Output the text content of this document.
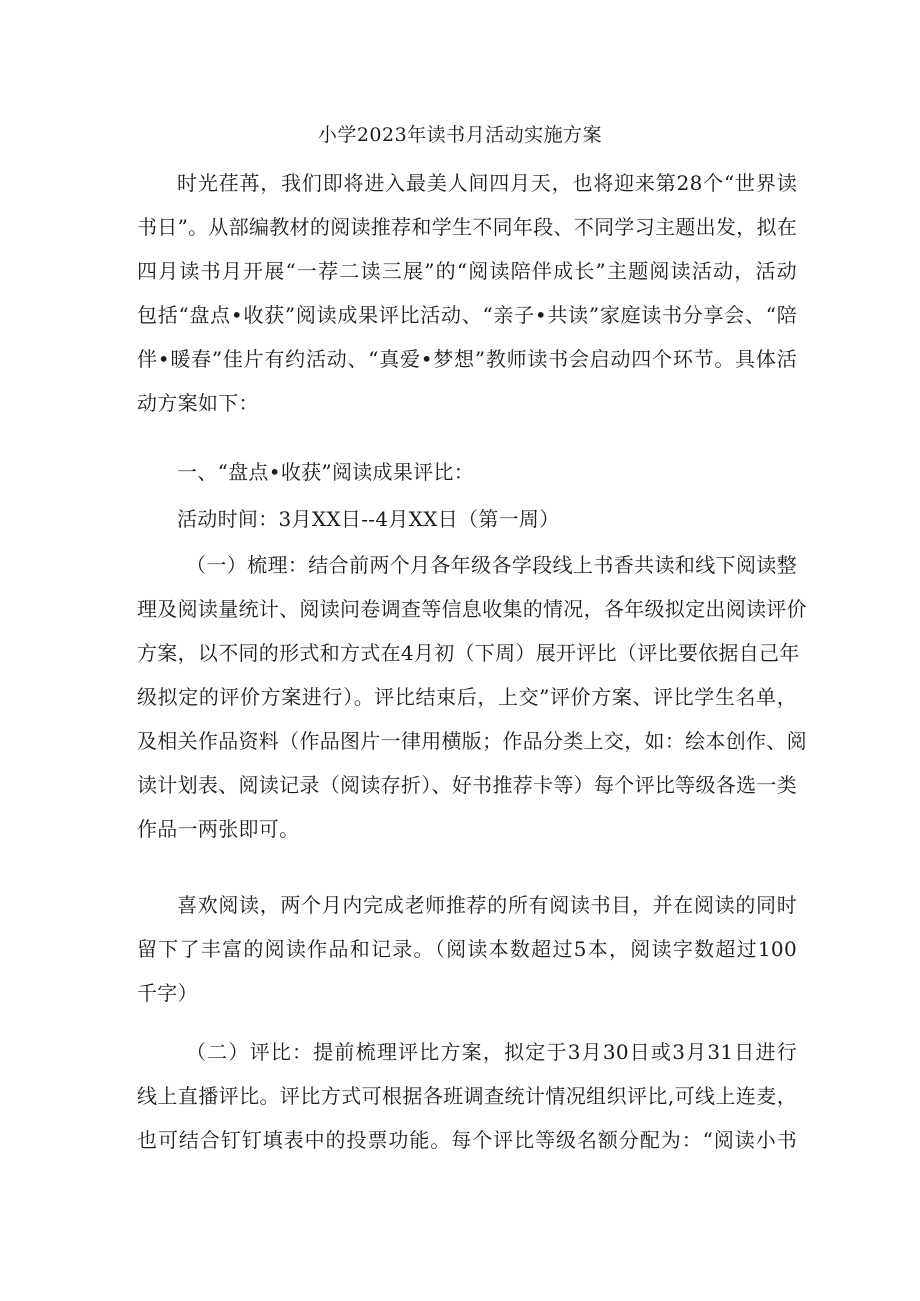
小学2023年读书月活动实施方案
时光荏苒，我们即将进入最美人间四月天，也将迎来第28个“世界读
书日”。从部编教材的阅读推荐和学生不同年段、不同学习主题出发，拟在
四月读书月开展“一荐二读三展”的“阅读陪伴成长”主题阅读活动，活动
包括“盘点•收获”阅读成果评比活动、“亲子•共读”家庭读书分享会、“陪
伴•暖春”佳片有约活动、“真爱•梦想”教师读书会启动四个环节。具体活
动方案如下：
一、“盘点•收获”阅读成果评比：
活动时间：3月XX日--4月XX日（第一周）
（一）梳理：结合前两个月各年级各学段线上书香共读和线下阅读整
理及阅读量统计、阅读问卷调查等信息收集的情况，各年级拟定出阅读评价
方案，以不同的形式和方式在4月初（下周）展开评比（评比要依据自己年
级拟定的评价方案进行）。评比结束后，上交”评价方案、评比学生名单，
及相关作品资料（作品图片一律用横版；作品分类上交，如：绘本创作、阅
读计划表、阅读记录（阅读存折）、好书推荐卡等）每个评比等级各选一类
作品一两张即可。
喜欢阅读，两个月内完成老师推荐的所有阅读书目，并在阅读的同时
留下了丰富的阅读作品和记录。（阅读本数超过5本，阅读字数超过100
千字）
（二）评比：提前梳理评比方案，拟定于3月30日或3月31日进行
线上直播评比。评比方式可根据各班调查统计情况组织评比,可线上连麦，
也可结合钉钉填表中的投票功能。每个评比等级名额分配为：“阅读小书
